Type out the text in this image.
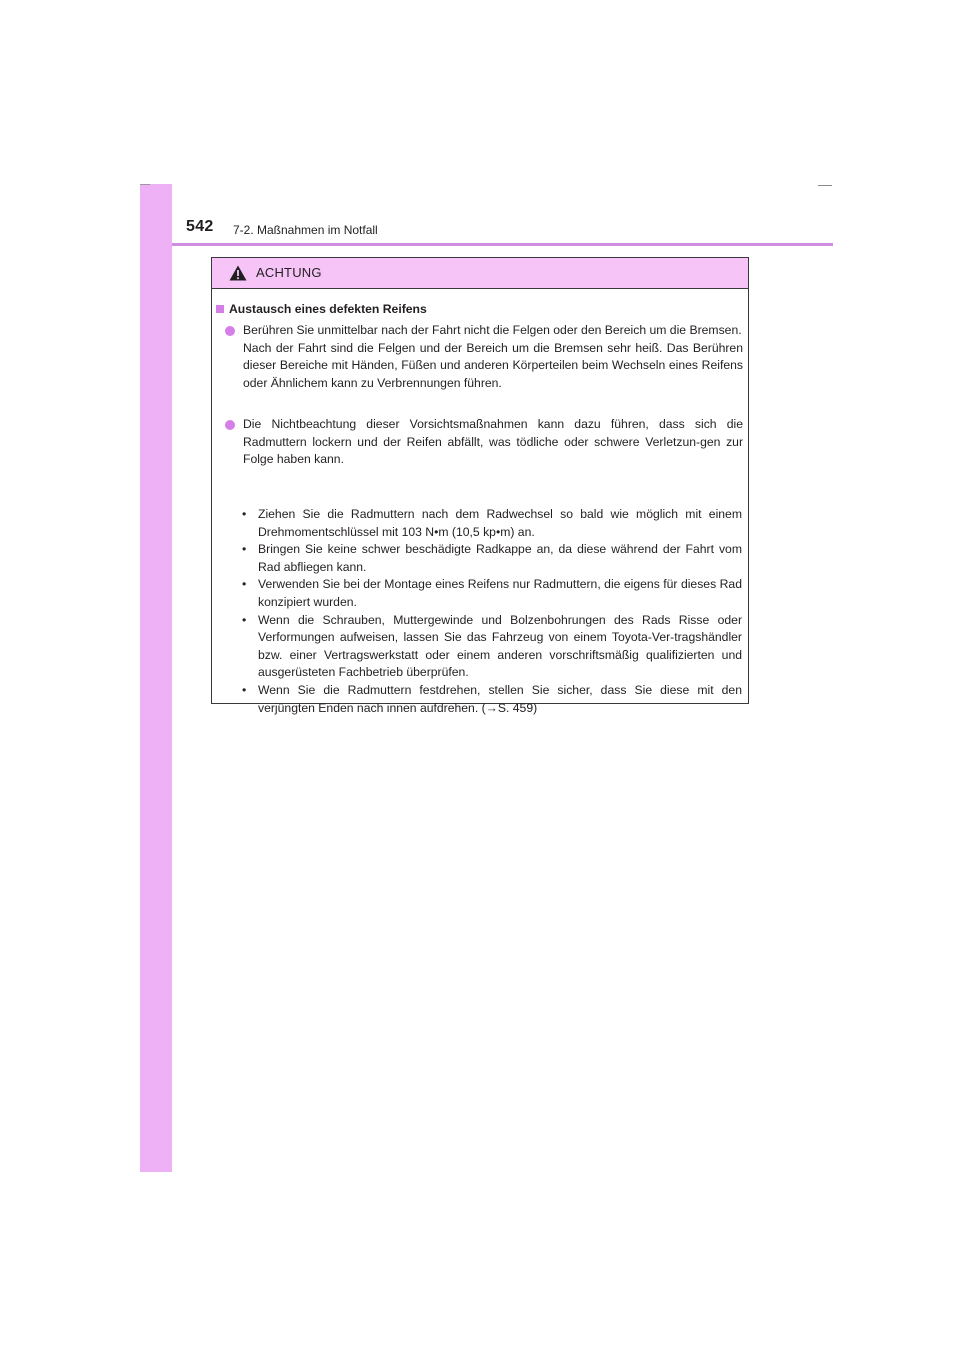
542 7-2. Maßnahmen im Notfall
ACHTUNG
Austausch eines defekten Reifens
Berühren Sie unmittelbar nach der Fahrt nicht die Felgen oder den Bereich um die Bremsen.
Nach der Fahrt sind die Felgen und der Bereich um die Bremsen sehr heiß. Das Berühren dieser Bereiche mit Händen, Füßen und anderen Körperteilen beim Wechseln eines Reifens oder Ähnlichem kann zu Verbrennungen führen.
Die Nichtbeachtung dieser Vorsichtsmaßnahmen kann dazu führen, dass sich die Radmuttern lockern und der Reifen abfällt, was tödliche oder schwere Verletzun-gen zur Folge haben kann.
• Ziehen Sie die Radmuttern nach dem Radwechsel so bald wie möglich mit einem Drehmomentschlüssel mit 103 N•m (10,5 kp•m) an.
• Bringen Sie keine schwer beschädigte Radkappe an, da diese während der Fahrt vom Rad abfliegen kann.
• Verwenden Sie bei der Montage eines Reifens nur Radmuttern, die eigens für dieses Rad konzipiert wurden.
• Wenn die Schrauben, Muttergewinde und Bolzenbohrungen des Rads Risse oder Verformungen aufweisen, lassen Sie das Fahrzeug von einem Toyota-Ver-tragshändler bzw. einer Vertragswerkstatt oder einem anderen vorschriftsmäßig qualifizierten und ausgerüsteten Fachbetrieb überprüfen.
• Wenn Sie die Radmuttern festdrehen, stellen Sie sicher, dass Sie diese mit den verjüngten Enden nach innen aufdrehen. (→S. 459)
